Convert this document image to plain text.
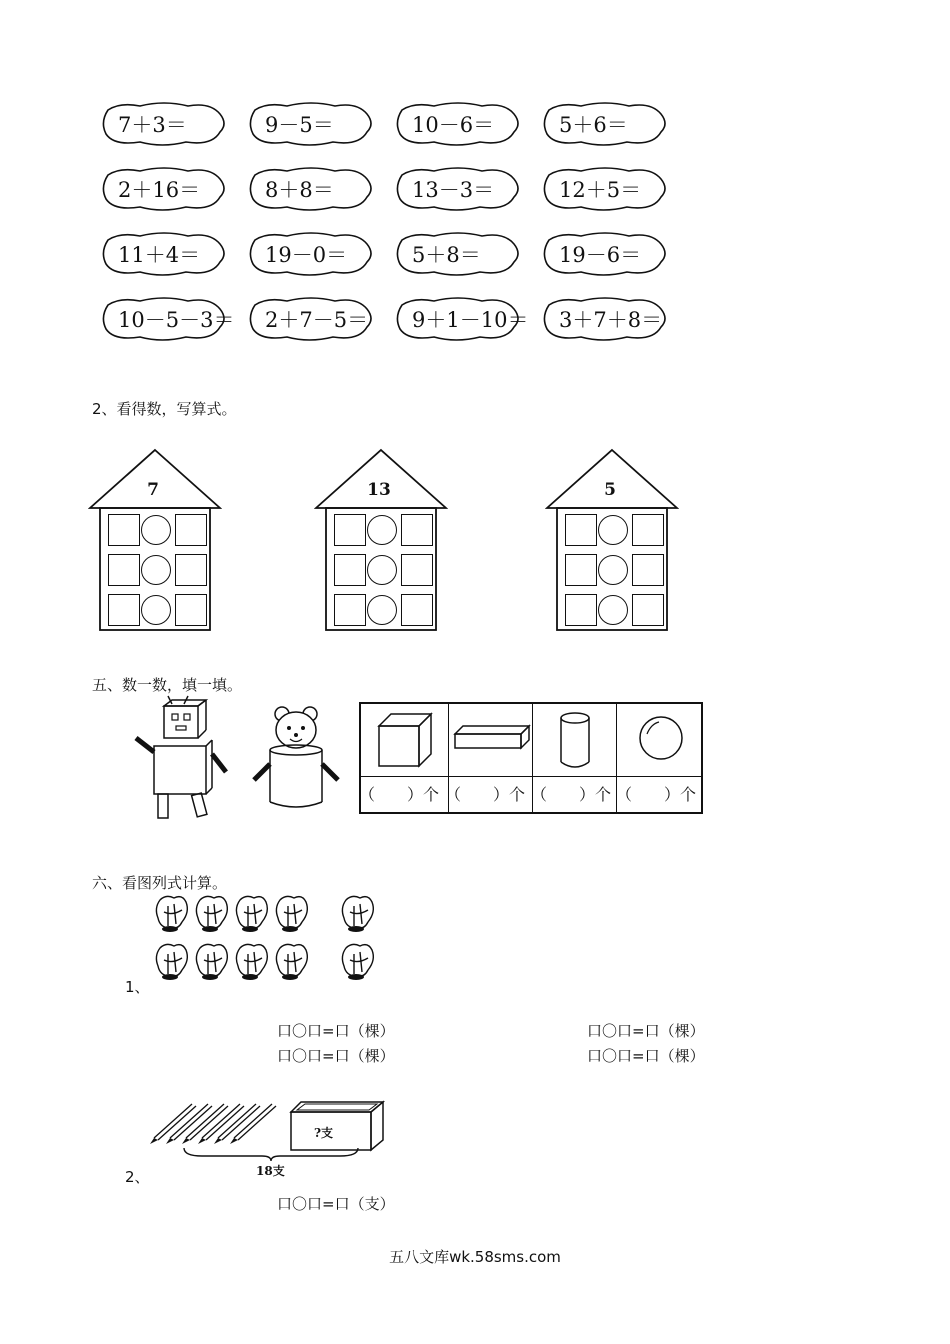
7＋3＝	9－5＝	10－6＝	5＋6＝
2＋16＝	8＋8＝	13－3＝	12＋5＝
11＋4＝	19－0＝	5＋8＝	19－6＝
10－5－3＝ 2＋7－5＝ 9＋1－10＝ 3＋7＋8＝
2、看得数，写算式。
7	13	5
五、数一数，填一填。
（　　）个 （　　）个 （　　）个 （　　）个
六、看图列式计算。
1、
口〇口=口（棵）	口〇口=口（棵）
口〇口=口（棵）	口〇口=口（棵）
?支
18支
2、
口〇口=口（支）
五八文库wk.58sms.com
